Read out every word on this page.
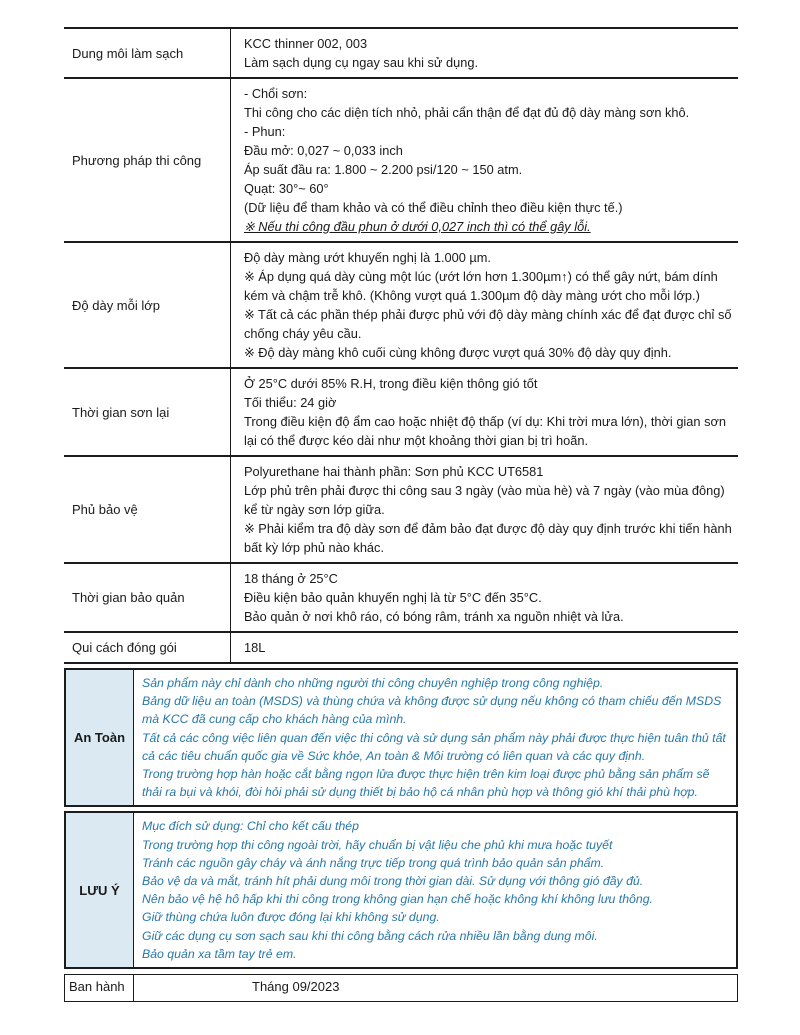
Dung môi làm sạch
KCC thinner 002, 003
Làm sạch dụng cụ ngay sau khi sử dụng.
Phương pháp thi công
- Chổi sơn:
Thi công cho các diện tích nhỏ, phải cẩn thận để đạt đủ độ dày màng sơn khô.
- Phun:
Đầu mở: 0,027 ~ 0,033 inch
Áp suất đầu ra: 1.800 ~ 2.200 psi/120 ~ 150 atm.
Quạt: 30°~ 60°
(Dữ liệu để tham khảo và có thể điều chỉnh theo điều kiện thực tế.)
※ Nếu thi công đầu phun ở dưới 0,027 inch thì có thể gây lỗi.
Độ dày mỗi lớp
Độ dày màng ướt khuyến nghị là 1.000 µm.
※ Áp dụng quá dày cùng một lúc (ướt lớn hơn 1.300µm↑) có thể gây nứt, bám dính kém và chậm trễ khô. (Không vượt quá 1.300µm độ dày màng ướt cho mỗi lớp.)
※ Tất cả các phần thép phải được phủ với độ dày màng chính xác để đạt được chỉ số chống cháy yêu cầu.
※ Độ dày màng khô cuối cùng không được vượt quá 30% độ dày quy định.
Thời gian sơn lại
Ở 25°C dưới 85% R.H, trong điều kiện thông gió tốt
Tối thiểu: 24 giờ
Trong điều kiện độ ẩm cao hoặc nhiệt độ thấp (ví dụ: Khi trời mưa lớn), thời gian sơn lại có thể được kéo dài như một khoảng thời gian bị trì hoãn.
Phủ bảo vệ
Polyurethane hai thành phần: Sơn phủ KCC UT6581
Lớp phủ trên phải được thi công sau 3 ngày (vào mùa hè) và 7 ngày (vào mùa đông) kể từ ngày sơn lớp giữa.
※ Phải kiểm tra độ dày sơn để đảm bảo đạt được độ dày quy định trước khi tiến hành bất kỳ lớp phủ nào khác.
Thời gian bảo quản
18 tháng ở 25°C
Điều kiện bảo quản khuyến nghị là từ 5°C đến 35°C.
Bảo quản ở nơi khô ráo, có bóng râm, tránh xa nguồn nhiệt và lửa.
Qui cách đóng gói	18L
An Toàn
Sản phẩm này chỉ dành cho những người thi công chuyên nghiệp trong công nghiệp.
Bảng dữ liệu an toàn (MSDS) và thùng chứa và không được sử dụng nếu không có tham chiếu đến MSDS mà KCC đã cung cấp cho khách hàng của mình.
Tất cả các công việc liên quan đến việc thi công và sử dụng sản phẩm này phải được thực hiện tuân thủ tất cả các tiêu chuẩn quốc gia về Sức khỏe, An toàn & Môi trường có liên quan và các quy định.
Trong trường hợp hàn hoặc cắt bằng ngọn lửa được thực hiện trên kim loại được phủ bằng sản phẩm sẽ thải ra bụi và khói, đòi hỏi phải sử dụng thiết bị bảo hộ cá nhân phù hợp và thông gió khí thải phù hợp.
LƯU Ý
Mục đích sử dụng: Chỉ cho kết cấu thép
Trong trường hợp thi công ngoài trời, hãy chuẩn bị vật liệu che phủ khi mưa hoặc tuyết
Tránh các nguồn gây cháy và ánh nắng trực tiếp trong quá trình bảo quản sản phẩm.
Bảo vệ da và mắt, tránh hít phải dung môi trong thời gian dài. Sử dụng với thông gió đầy đủ.
Nên bảo vệ hệ hô hấp khi thi công trong không gian hạn chế hoặc không khí không lưu thông.
Giữ thùng chứa luôn được đóng lại khi không sử dụng.
Giữ các dụng cụ sơn sạch sau khi thi công bằng cách rửa nhiều lần bằng dung môi.
Bảo quản xa tầm tay trẻ em.
Ban hành	Tháng 09/2023
